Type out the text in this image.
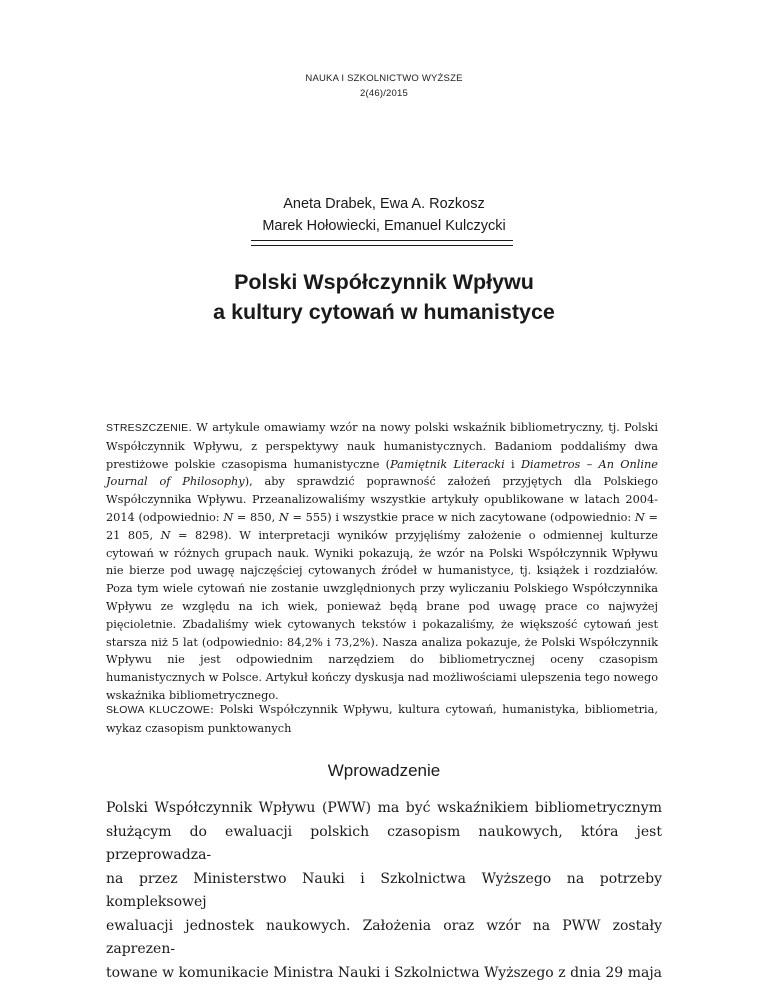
NAUKA I SZKOLNICTWO WYŻSZE
2(46)/2015
Aneta Drabek, Ewa A. Rozkosz
Marek Hołowiecki, Emanuel Kulczycki
Polski Współczynnik Wpływu
a kultury cytowań w humanistyce
STRESZCZENIE. W artykule omawiamy wzór na nowy polski wskaźnik bibliometryczny, tj. Polski Współczynnik Wpływu, z perspektywy nauk humanistycznych. Badaniom poddaliśmy dwa prestiżowe polskie czasopisma humanistyczne (Pamiętnik Literacki i Diametros – An Online Journal of Philosophy), aby sprawdzić poprawność założeń przyjętych dla Polskiego Współczynnika Wpływu. Przeanalizowaliśmy wszystkie artykuły opublikowane w latach 2004-2014 (odpowiednio: N = 850, N = 555) i wszystkie prace w nich zacytowane (odpowiednio: N = 21 805, N = 8298). W interpretacji wyników przyjęliśmy założenie o odmiennej kulturze cytowań w różnych grupach nauk. Wyniki pokazują, że wzór na Polski Współczynnik Wpływu nie bierze pod uwagę najczęściej cytowanych źródeł w humanistyce, tj. książek i rozdziałów. Poza tym wiele cytowań nie zostanie uwzględnionych przy wyliczaniu Polskiego Współczynnika Wpływu ze względu na ich wiek, ponieważ będą brane pod uwagę prace co najwyżej pięcioletnie. Zbadaliśmy wiek cytowanych tekstów i pokazaliśmy, że większość cytowań jest starsza niż 5 lat (odpowiednio: 84,2% i 73,2%). Nasza analiza pokazuje, że Polski Współczynnik Wpływu nie jest odpowiednim narzędziem do bibliometrycznej oceny czasopism humanistycznych w Polsce. Artykuł kończy dyskusja nad możliwościami ulepszenia tego nowego wskaźnika bibliometrycznego.
SŁOWA KLUCZOWE: Polski Współczynnik Wpływu, kultura cytowań, humanistyka, bibliometria, wykaz czasopism punktowanych
Wprowadzenie
Polski Współczynnik Wpływu (PWW) ma być wskaźnikiem bibliometrycznym
służącym do ewaluacji polskich czasopism naukowych, która jest przeprowadza-
na przez Ministerstwo Nauki i Szkolnictwa Wyższego na potrzeby kompleksowej
ewaluacji jednostek naukowych. Założenia oraz wzór na PWW zostały zaprezen-
towane w komunikacie Ministra Nauki i Szkolnictwa Wyższego z dnia 29 maja
